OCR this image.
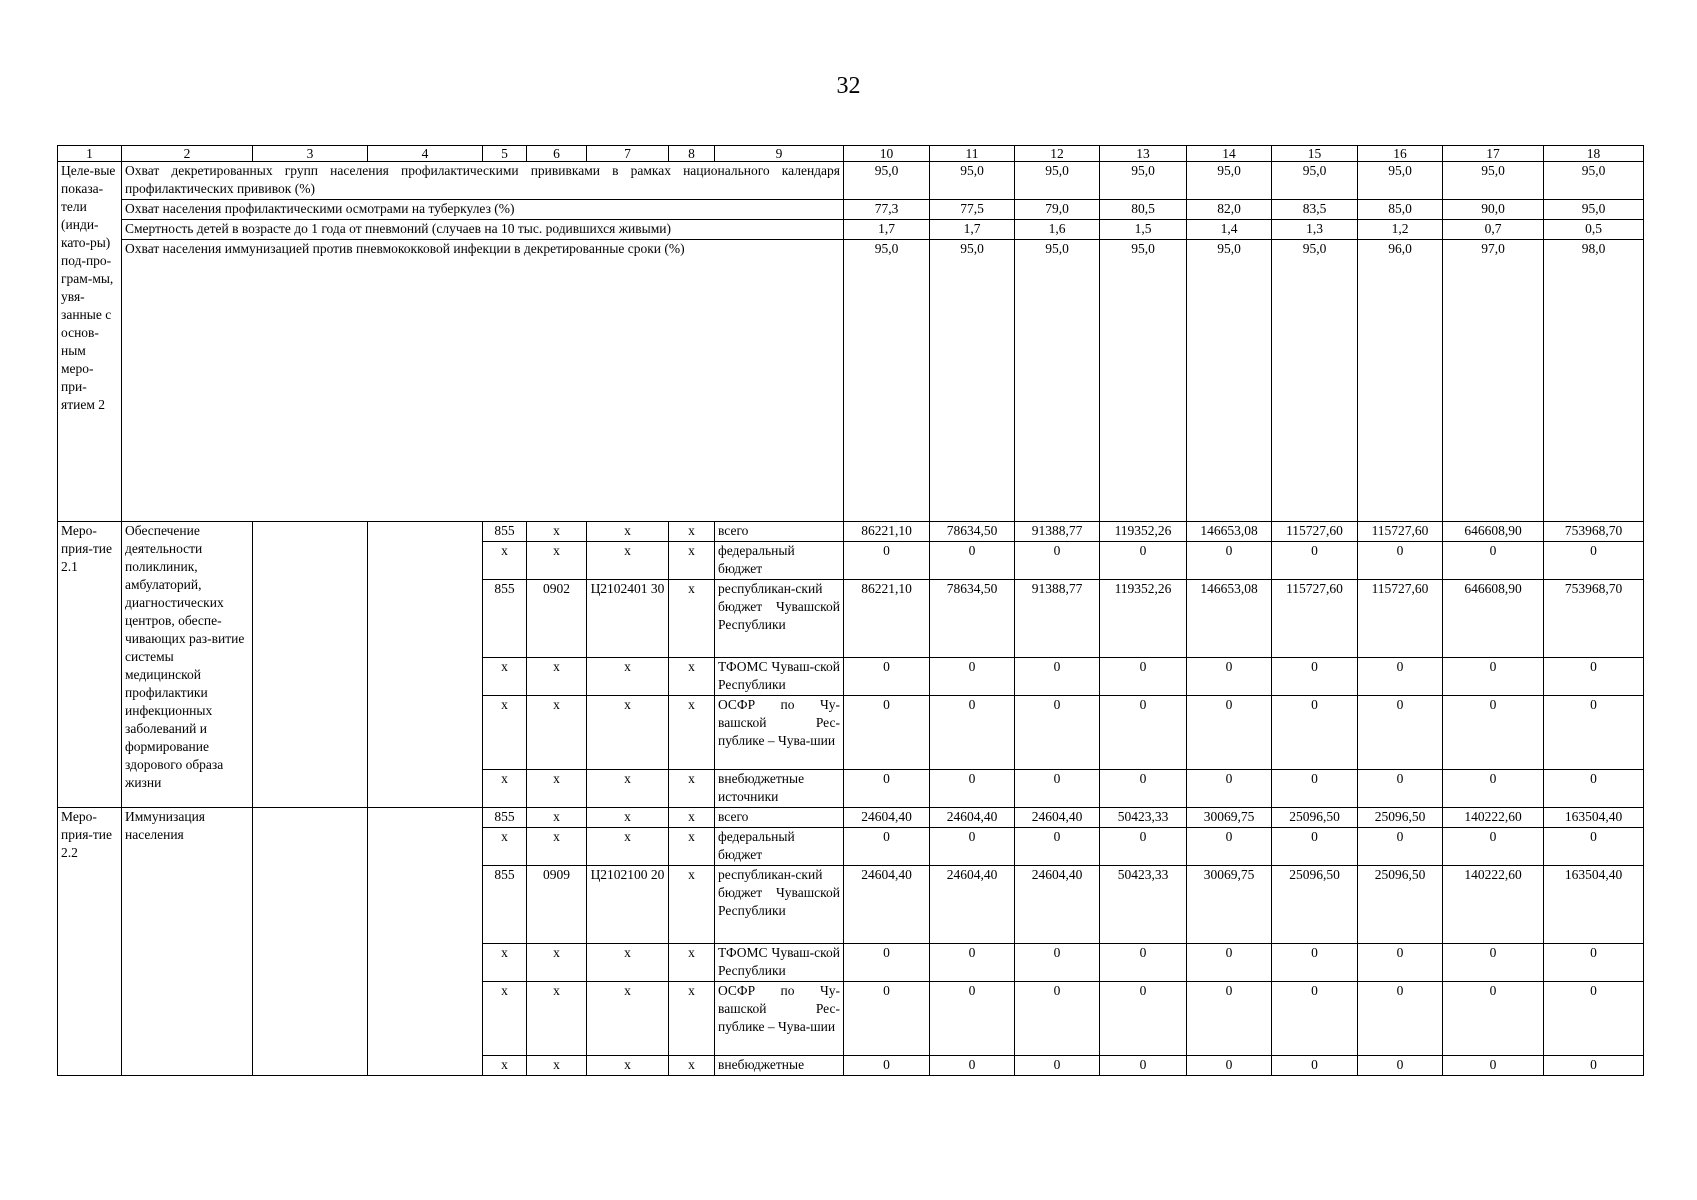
32
1	2	3	4	5	6	7	8	9	10	11	12	13	14	15	16	17	18
Целе-вые показа-тели (инди-като-ры) под-про-грам-мы, увя-занные с основ-ным меро-при-ятием 2	Охват декретированных групп населения профилактическими прививками в рамках национального календаря профилактических прививок (%)								95,0	95,0	95,0	95,0	95,0	95,0	95,0	95,0	95,0
	Охват населения профилактическими осмотрами на туберкулез (%)								77,3	77,5	79,0	80,5	82,0	83,5	85,0	90,0	95,0
	Смертность детей в возрасте до 1 года от пневмоний (случаев на 10 тыс. родившихся живыми)								1,7	1,7	1,6	1,5	1,4	1,3	1,2	0,7	0,5
	Охват населения иммунизацией против пневмококковой инфекции в декретированные сроки (%)								95,0	95,0	95,0	95,0	95,0	95,0	96,0	97,0	98,0
Меро-прия-тие 2.1	Обеспечение деятельности поликлиник, амбулаторий, диагностических центров, обеспе-чивающих раз-витие системы медицинской профилактики инфекционных заболеваний и формирование здорового образа жизни			855	x	x	x	всего	86221,10	78634,50	91388,77	119352,26	146653,08	115727,60	115727,60	646608,90	753968,70
				x	x	x	x	федеральный бюджет	0	0	0	0	0	0	0	0	0
				855	0902	Ц2102401 30	x	республикан-ский бюджет Чувашской Республики	86221,10	78634,50	91388,77	119352,26	146653,08	115727,60	115727,60	646608,90	753968,70
				x	x	x	x	ТФОМС Чуваш-ской Республики	0	0	0	0	0	0	0	0	0
				x	x	x	x	ОСФР по Чу-вашской Рес-публике – Чува-шии	0	0	0	0	0	0	0	0	0
				x	x	x	x	внебюджетные источники	0	0	0	0	0	0	0	0	0
Меро-прия-тие 2.2	Иммунизация населения			855	x	x	x	всего	24604,40	24604,40	24604,40	50423,33	30069,75	25096,50	25096,50	140222,60	163504,40
				x	x	x	x	федеральный бюджет	0	0	0	0	0	0	0	0	0
				855	0909	Ц2102100 20	x	республикан-ский бюджет Чувашской Республики	24604,40	24604,40	24604,40	50423,33	30069,75	25096,50	25096,50	140222,60	163504,40
				x	x	x	x	ТФОМС Чуваш-ской Республики	0	0	0	0	0	0	0	0	0
				x	x	x	x	ОСФР по Чу-вашской Рес-публике – Чува-шии	0	0	0	0	0	0	0	0	0
				x	x	x	x	внебюджетные	0	0	0	0	0	0	0	0	0
